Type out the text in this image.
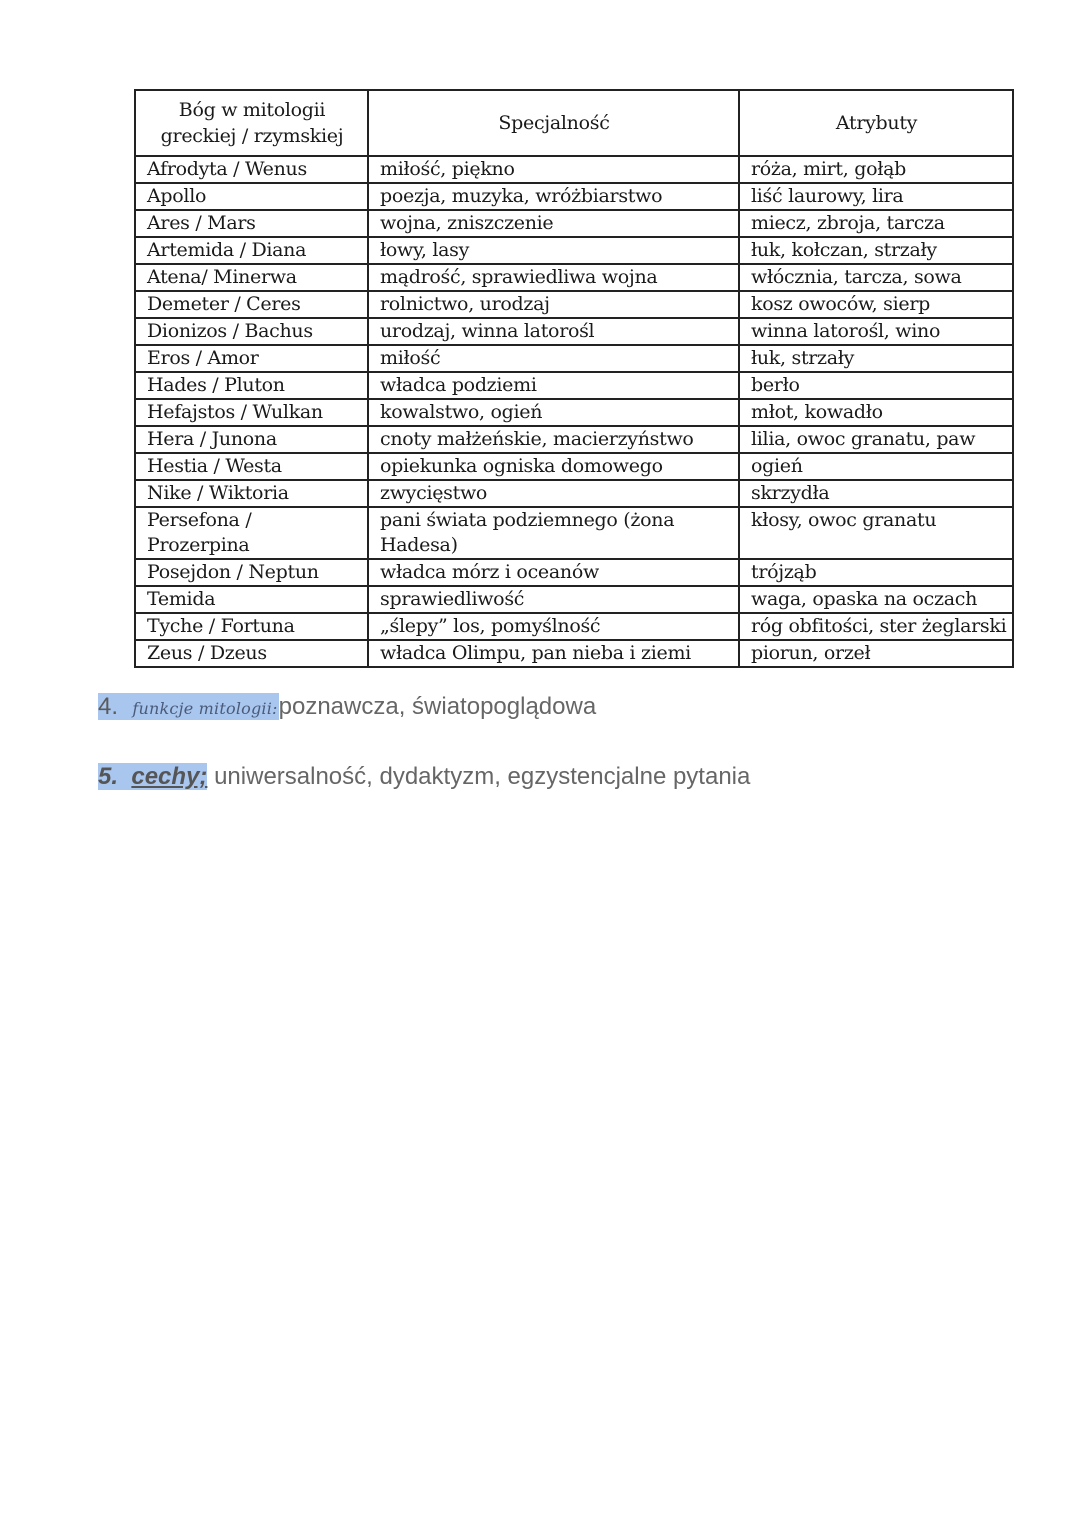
Bóg w mitologii greckiej / rzymskiej	Specjalność	Atrybuty
Afrodyta / Wenus	miłość, piękno	róża, mirt, gołąb
Apollo	poezja, muzyka, wróżbiarstwo	liść laurowy, lira
Ares / Mars	wojna, zniszczenie	miecz, zbroja, tarcza
Artemida / Diana	łowy, lasy	łuk, kołczan, strzały
Atena/ Minerwa	mądrość, sprawiedliwa wojna	włócznia, tarcza, sowa
Demeter / Ceres	rolnictwo, urodzaj	kosz owoców, sierp
Dionizos / Bachus	urodzaj, winna latorośl	winna latorośl, wino
Eros / Amor	miłość	łuk, strzały
Hades / Pluton	władca podziemi	berło
Hefajstos / Wulkan	kowalstwo, ogień	młot, kowadło
Hera / Junona	cnoty małżeńskie, macierzyństwo	lilia, owoc granatu, paw
Hestia / Westa	opiekunka ogniska domowego	ogień
Nike / Wiktoria	zwycięstwo	skrzydła
Persefona / Prozerpina	pani świata podziemnego (żona Hadesa)	kłosy, owoc granatu
Posejdon / Neptun	władca mórz i oceanów	trójząb
Temida	sprawiedliwość	waga, opaska na oczach
Tyche / Fortuna	„ślepy” los, pomyślność	róg obfitości, ster żeglarski
Zeus / Dzeus	władca Olimpu, pan nieba i ziemi	piorun, orzeł
4. funkcje mitologii:poznawcza, światopoglądowa
5. cechy; uniwersalność, dydaktyzm, egzystencjalne pytania
